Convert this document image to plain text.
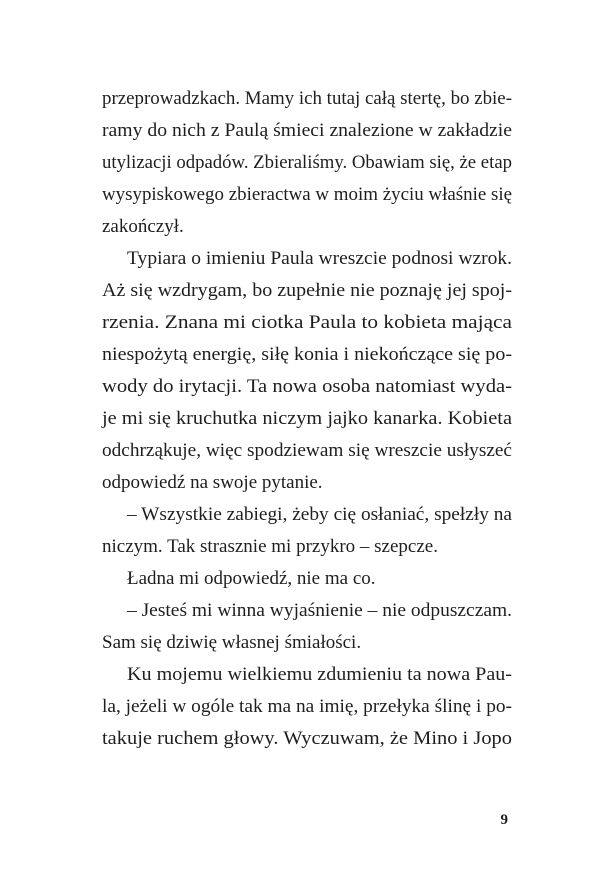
przeprowadzkach. Mamy ich tutaj całą stertę, bo zbie-
ramy do nich z Paulą śmieci znalezione w zakładzie
utylizacji odpadów. Zbieraliśmy. Obawiam się, że etap
wysypiskowego zbieractwa w moim życiu właśnie się
zakończył.
Typiara o imieniu Paula wreszcie podnosi wzrok.
Aż się wzdrygam, bo zupełnie nie poznaję jej spoj-
rzenia. Znana mi ciotka Paula to kobieta mająca
niespożytą energię, siłę konia i niekończące się po-
wody do irytacji. Ta nowa osoba natomiast wyda-
je mi się kruchutka niczym jajko kanarka. Kobieta
odchrząkuje, więc spodziewam się wreszcie usłyszeć
odpowiedź na swoje pytanie.
– Wszystkie zabiegi, żeby cię osłaniać, spełzły na
niczym. Tak strasznie mi przykro – szepcze.
Ładna mi odpowiedź, nie ma co.
– Jesteś mi winna wyjaśnienie – nie odpuszczam.
Sam się dziwię własnej śmiałości.
Ku mojemu wielkiemu zdumieniu ta nowa Pau-
la, jeżeli w ogóle tak ma na imię, przełyka ślinę i po-
takuje ruchem głowy. Wyczuwam, że Mino i Jopo
9
